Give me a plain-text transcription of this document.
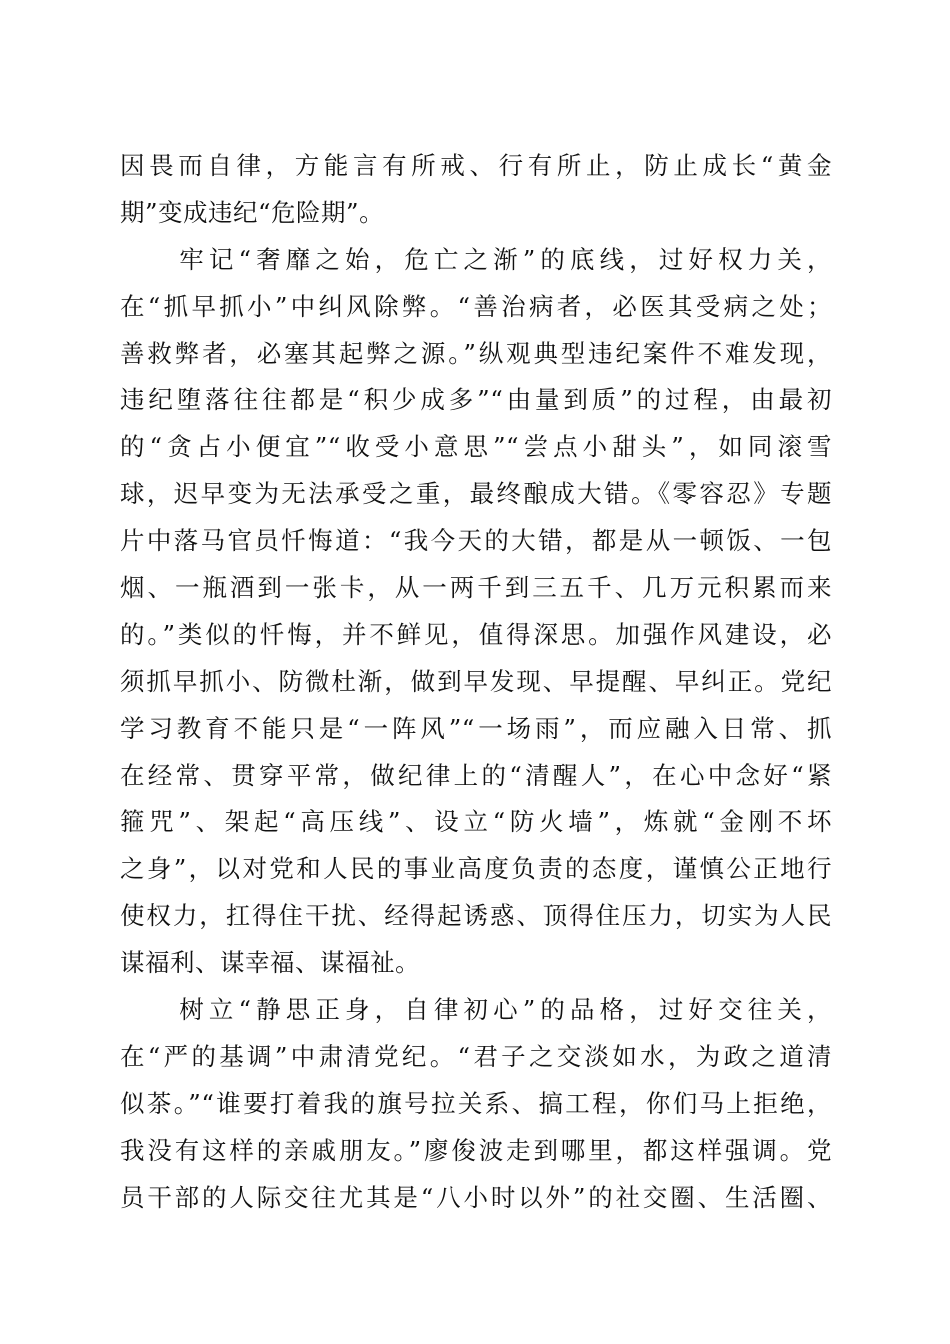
因畏而自律，方能言有所戒、行有所止，防止成长“黄金
期”变成违纪“危险期”。
　　牢记“奢靡之始，危亡之渐”的底线，过好权力关，
在“抓早抓小”中纠风除弊。“善治病者，必医其受病之处；
善救弊者，必塞其起弊之源。”纵观典型违纪案件不难发现，
违纪堕落往往都是“积少成多”“由量到质”的过程，由最初
的“贪占小便宜”“收受小意思”“尝点小甜头”，如同滚雪
球，迟早变为无法承受之重，最终酿成大错。《零容忍》专题
片中落马官员忏悔道：“我今天的大错，都是从一顿饭、一包
烟、一瓶酒到一张卡，从一两千到三五千、几万元积累而来
的。”类似的忏悔，并不鲜见，值得深思。加强作风建设，必
须抓早抓小、防微杜渐，做到早发现、早提醒、早纠正。党纪
学习教育不能只是“一阵风”“一场雨”，而应融入日常、抓
在经常、贯穿平常，做纪律上的“清醒人”，在心中念好“紧
箍咒”、架起“高压线”、设立“防火墙”，炼就“金刚不坏
之身”，以对党和人民的事业高度负责的态度，谨慎公正地行
使权力，扛得住干扰、经得起诱惑、顶得住压力，切实为人民
谋福利、谋幸福、谋福祉。
　　树立“静思正身，自律初心”的品格，过好交往关，
在“严的基调”中肃清党纪。“君子之交淡如水，为政之道清
似茶。”“谁要打着我的旗号拉关系、搞工程，你们马上拒绝，
我没有这样的亲戚朋友。”廖俊波走到哪里，都这样强调。党
员干部的人际交往尤其是“八小时以外”的社交圈、生活圈、
